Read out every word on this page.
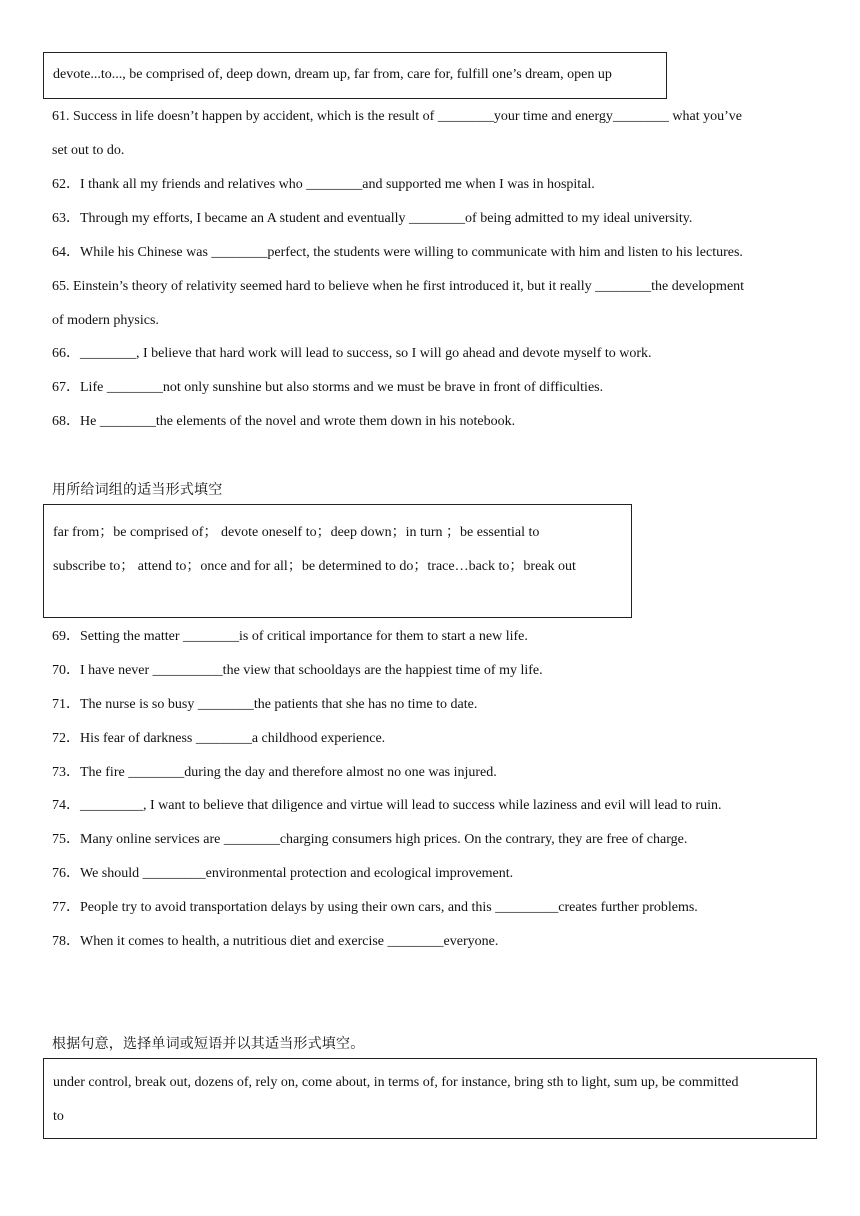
devote...to..., be comprised of, deep down, dream up, far from, care for, fulfill one’s dream, open up
61. Success in life doesn’t happen by accident, which is the result of ________your time and energy________ what you’ve
set out to do.
62．I thank all my friends and relatives who ________and supported me when I was in hospital.
63．Through my efforts, I became an A student and eventually ________of being admitted to my ideal university.
64．While his Chinese was ________perfect, the students were willing to communicate with him and listen to his lectures.
65. Einstein’s theory of relativity seemed hard to believe when he first introduced it, but it really ________the development
of modern physics.
66．________, I believe that hard work will lead to success, so I will go ahead and devote myself to work.
67．Life ________not only sunshine but also storms and we must be brave in front of difficulties.
68．He ________the elements of the novel and wrote them down in his notebook.
用所给词组的适当形式填空
far from；be comprised of； devote oneself to；deep down；in turn ；be essential to
subscribe to； attend to；once and for all；be determined to do；trace…back to；break out
69．Setting the matter ________is of critical importance for them to start a new life.
70．I have never __________the view that schooldays are the happiest time of my life.
71．The nurse is so busy ________the patients that she has no time to date.
72．His fear of darkness ________a childhood experience.
73．The fire ________during the day and therefore almost no one was injured.
74．_________, I want to believe that diligence and virtue will lead to success while laziness and evil will lead to ruin.
75．Many online services are ________charging consumers high prices. On the contrary, they are free of charge.
76．We should _________environmental protection and ecological improvement.
77．People try to avoid transportation delays by using their own cars, and this _________creates further problems.
78．When it comes to health, a nutritious diet and exercise ________everyone.
根据句意，选择单词或短语并以其适当形式填空。
under control, break out, dozens of, rely on, come about, in terms of, for instance, bring sth to light, sum up, be committed
to
